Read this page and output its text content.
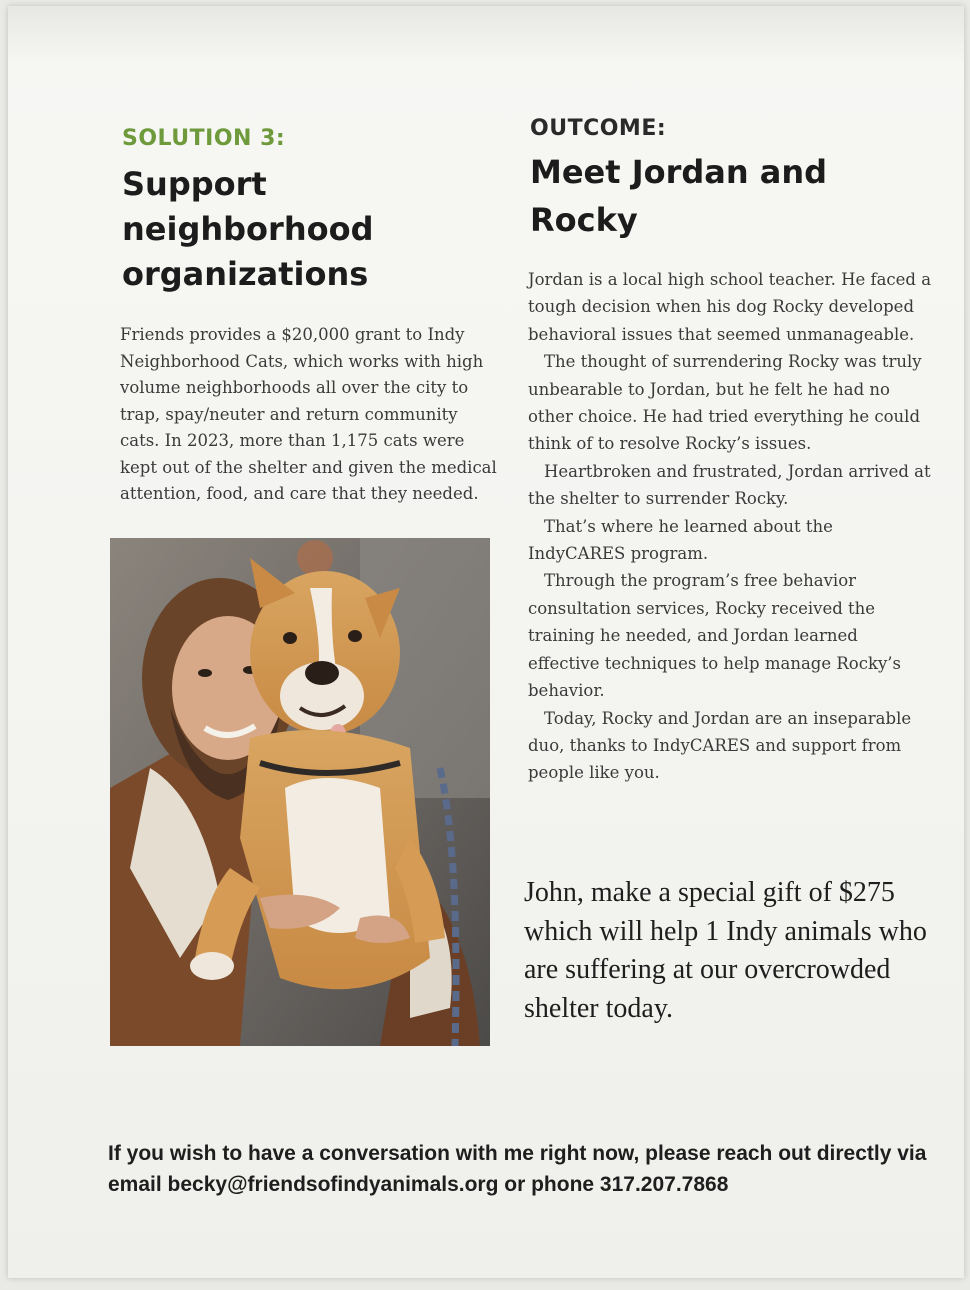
SOLUTION 3:
Support neighborhood organizations

Friends provides a $20,000 grant to Indy Neighborhood Cats, which works with high volume neighborhoods all over the city to trap, spay/neuter and return community cats. In 2023, more than 1,175 cats were kept out of the shelter and given the medical attention, food, and care that they needed.

OUTCOME:
Meet Jordan and Rocky

Jordan is a local high school teacher. He faced a tough decision when his dog Rocky developed behavioral issues that seemed unmanageable.

The thought of surrendering Rocky was truly unbearable to Jordan, but he felt he had no other choice. He had tried everything he could think of to resolve Rocky’s issues.

Heartbroken and frustrated, Jordan arrived at the shelter to surrender Rocky.

That’s where he learned about the IndyCARES program.

Through the program’s free behavior consultation services, Rocky received the training he needed, and Jordan learned effective techniques to help manage Rocky’s behavior.

Today, Rocky and Jordan are an inseparable duo, thanks to IndyCARES and support from people like you.

John, make a special gift of $275 which will help 1 Indy animals who are suffering at our overcrowded shelter today.

If you wish to have a conversation with me right now, please reach out directly via email becky@friendsofindyanimals.org or phone 317.207.7868
